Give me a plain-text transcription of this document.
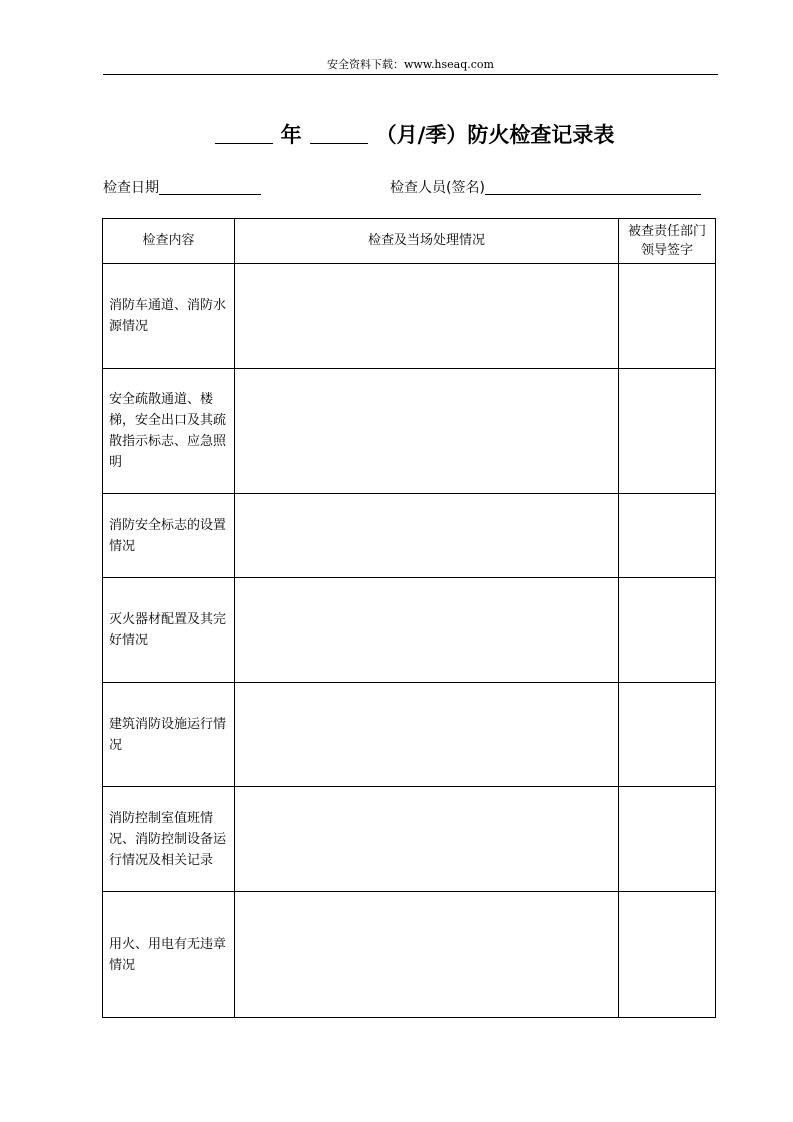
安全资料下载：www.hseaq.com
年	（月/季）防火检查记录表
检查日期	检查人员(签名)
检查内容	检查及当场处理情况	被查责任部门领导签字
消防车通道、消防水源情况		
安全疏散通道、楼梯，安全出口及其疏散指示标志、应急照明		
消防安全标志的设置情况		
灭火器材配置及其完好情况		
建筑消防设施运行情况		
消防控制室值班情况、消防控制设备运行情况及相关记录		
用火、用电有无违章情况		
